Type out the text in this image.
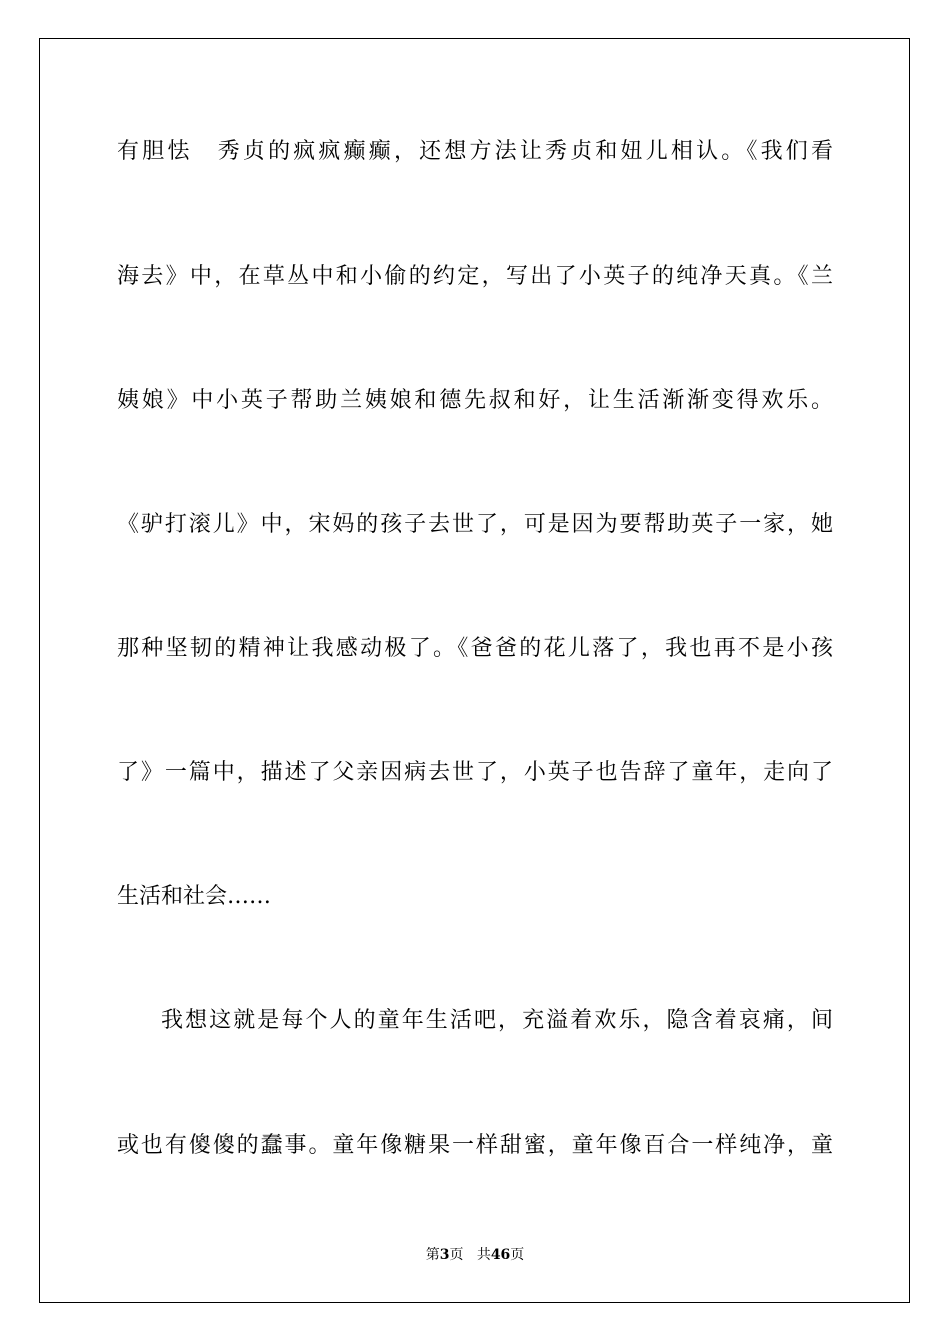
有胆怯　秀贞的疯疯癫癫，还想方法让秀贞和妞儿相认。《我们看
海去》中，在草丛中和小偷的约定，写出了小英子的纯净天真。《兰
姨娘》中小英子帮助兰姨娘和德先叔和好，让生活渐渐变得欢乐。
《驴打滚儿》中，宋妈的孩子去世了，可是因为要帮助英子一家，她
那种坚韧的精神让我感动极了。《爸爸的花儿落了，我也再不是小孩
了》一篇中，描述了父亲因病去世了，小英子也告辞了童年，走向了
生活和社会……
我想这就是每个人的童年生活吧，充溢着欢乐，隐含着哀痛，间
或也有傻傻的蠢事。童年像糖果一样甜蜜，童年像百合一样纯净，童
第3页 共46页
